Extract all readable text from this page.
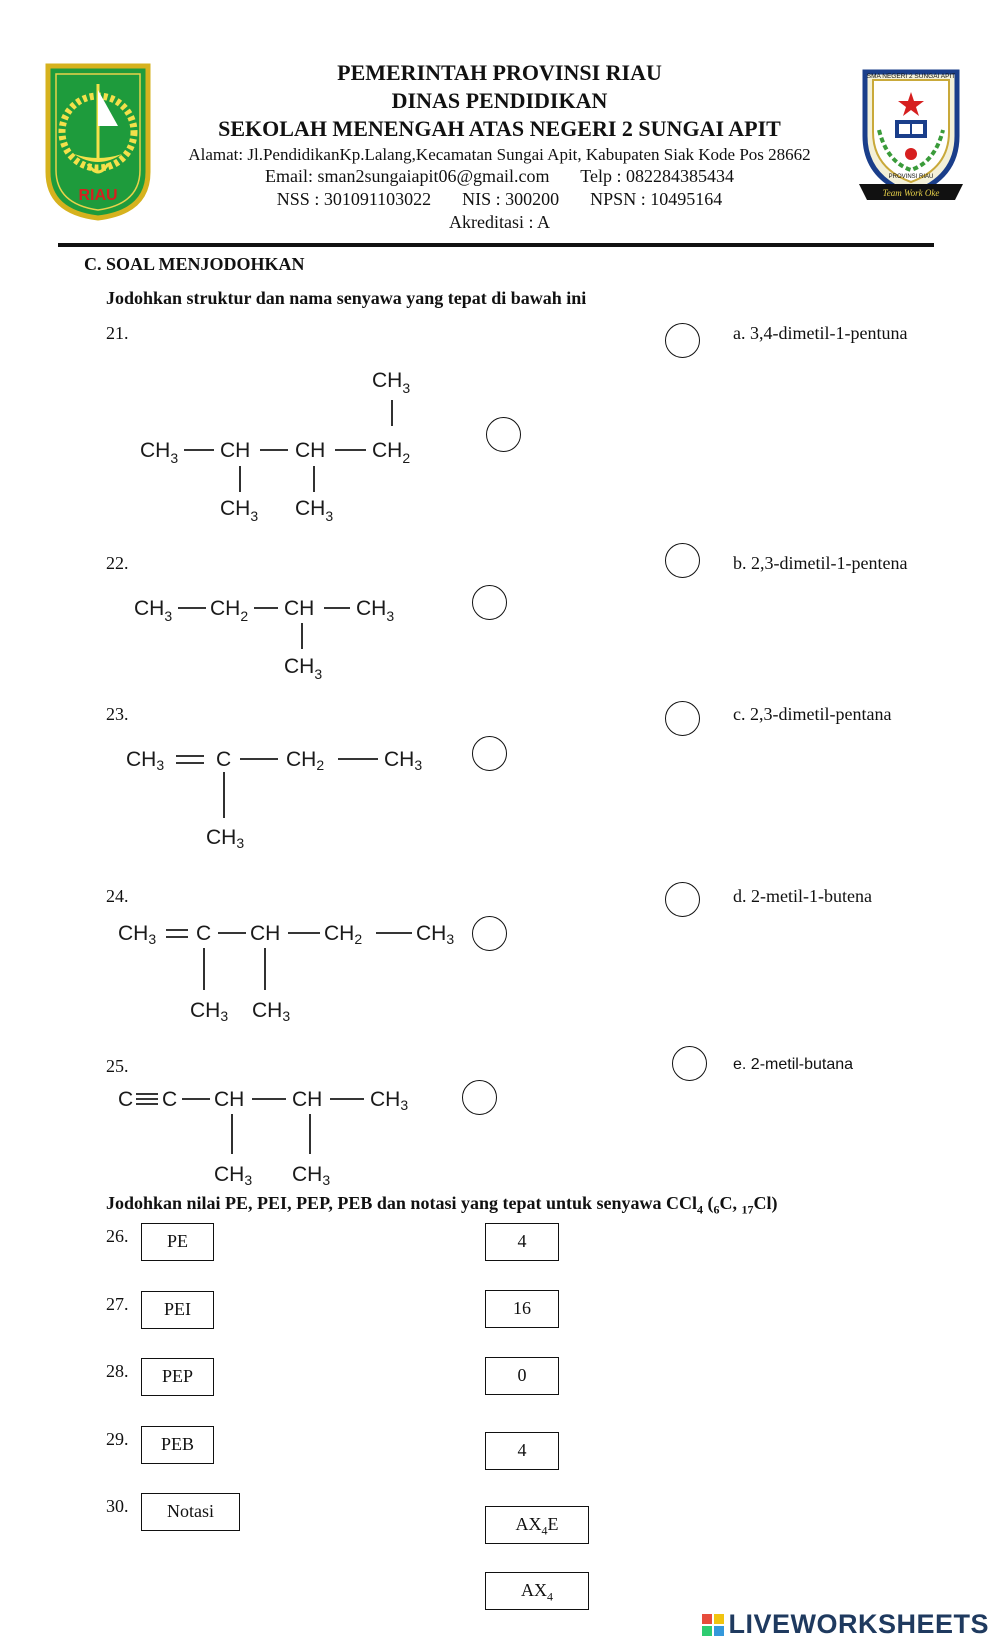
RIAU	Team Work Oke
SMA NEGERI 2 SUNGAI APIT
PROVINSI RIAU
PEMERINTAH PROVINSI RIAU
DINAS PENDIDIKAN
SEKOLAH MENENGAH ATAS NEGERI 2 SUNGAI APIT
Alamat: Jl.PendidikanKp.Lalang,Kecamatan Sungai Apit, Kabupaten Siak Kode Pos 28662
Email: sman2sungaiapit06@gmail.com Telp : 082284385434
NSS : 301091103022 NIS : 300200 NPSN : 10495164
Akreditasi : A
C. SOAL MENJODOHKAN
Jodohkan struktur dan nama senyawa yang tepat di bawah ini
21.
22.
23.
24.
25.
$CH_3$
$CH_3$ CH CH $CH_2$
$CH_3$ $CH_3$
$CH_3$ $CH_2$ CH $CH_3$
$CH_3$
CH3 C	CH2	CH3
CH3
CH3 C CH CH2	CH3
CH3 CH3
C C CH CH CH3
CH3 CH3
a. 3,4-dimetil-1-pentuna
b. 2,3-dimetil-1-pentena
c. 2,3-dimetil-pentana
d. 2-metil-1-butena
e. 2-metil-butana
Jodohkan nilai PE, PEI, PEP, PEB dan notasi yang tepat untuk senyawa CCl$_4$ ($_6C$, $_{17}$Cl)
26.
27.
28.
29.
30.
PE
PEI
PEP
PEB
Notasi
4
16
0
4
$AX_4E$
$AX_4$
LIVEWORKSHEETS
